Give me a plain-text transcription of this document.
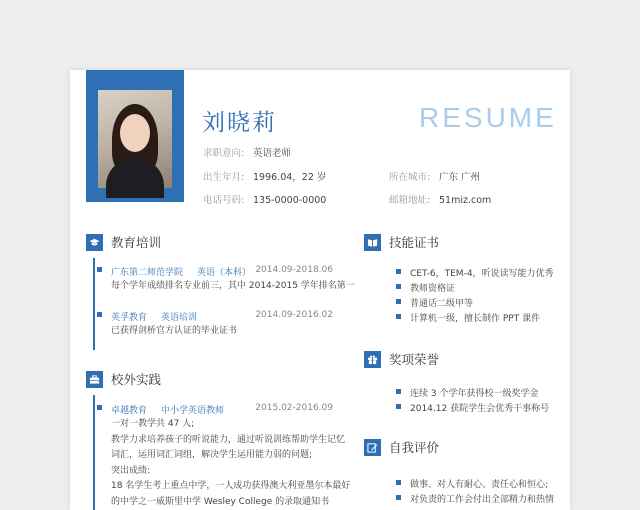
刘晓莉	RESUME
求职意向: 英语老师
出生年月: 1996.04，22 岁	所在城市: 广东 广州
电话号码: 135-0000-0000	邮箱地址: 51miz.com
教育培训
广东第二师范学院 英语（本科） 2014.09-2018.06
每个学年成绩排名专业前三，其中 2014-2015 学年排名第一
英孚教育 英语培训	2014.09-2016.02
已获得剑桥官方认证的毕业证书
校外实践
卓越教育 中小学英语教师	2015.02-2016.09
一对一教学共 47 人;
教学力求培养孩子的听说能力，通过听说训练帮助学生记忆
词汇，运用词汇词组，解决学生运用能力弱的问题;
突出成绩:
18 名学生考上重点中学，一人成功获得澳大利亚墨尔本最好
的中学之一威斯里中学 Wesley College 的录取通知书
技能证书
CET-6，TEM-4，听说读写能力优秀
教师资格证
普通话二级甲等
计算机一级，擅长制作 PPT 课件
奖项荣誉
连续 3 个学年获得校一级奖学金
2014.12 获院学生会优秀干事称号
自我评价
做事、对人有耐心、责任心和恒心;
对负责的工作会付出全部精力和热情
